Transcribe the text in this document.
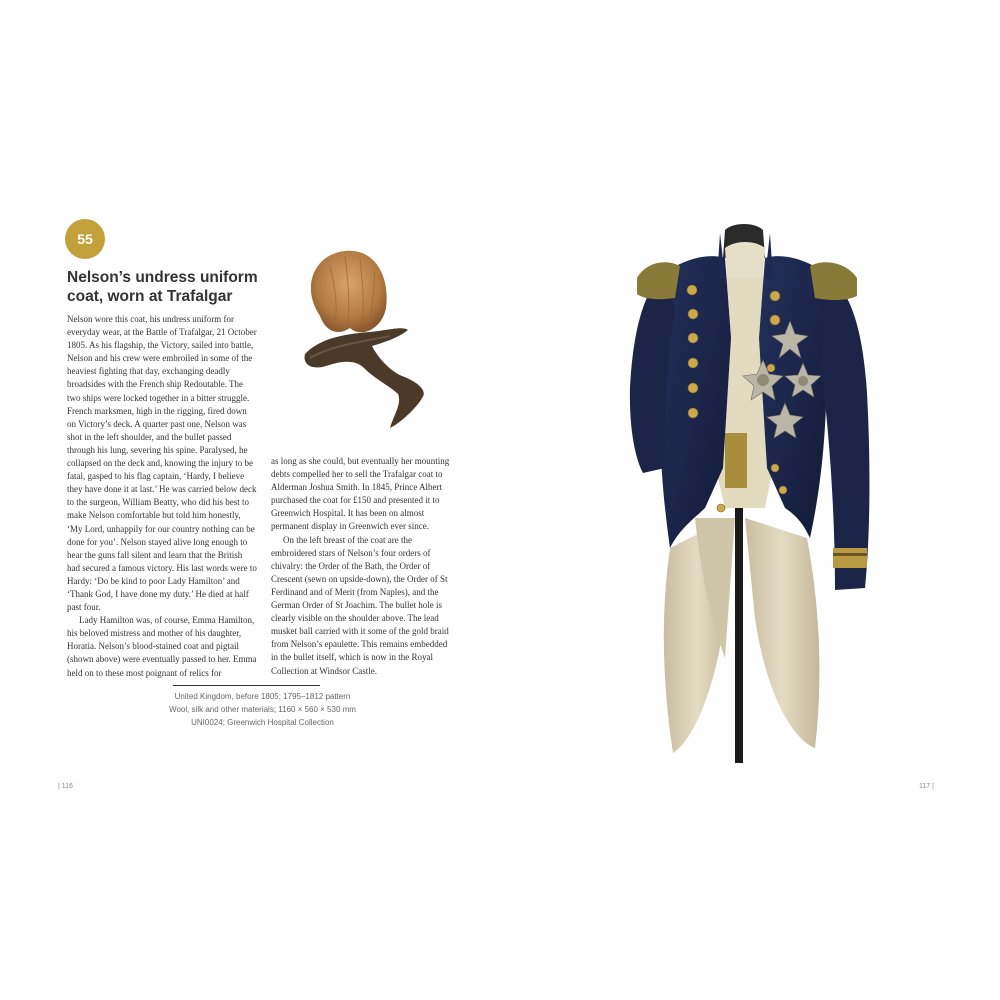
55
Nelson’s undress uniform coat, worn at Trafalgar

Nelson wore this coat, his undress uniform for everyday wear, at the Battle of Trafalgar, 21 October 1805. As his flagship, the Victory, sailed into battle, Nelson and his crew were embroiled in some of the heaviest fighting that day, exchanging deadly broadsides with the French ship Redoutable. The two ships were locked together in a bitter struggle. French marksmen, high in the rigging, fired down on Victory’s deck. A quarter past one, Nelson was shot in the left shoulder, and the bullet passed through his lung, severing his spine. Paralysed, he collapsed on the deck and, knowing the injury to be fatal, gasped to his flag captain, ‘Hardy, I believe they have done it at last.’ He was carried below deck to the surgeon, William Beatty, who did his best to make Nelson comfortable but told him honestly, ‘My Lord, unhappily for our country nothing can be done for you’. Nelson stayed alive long enough to hear the guns fall silent and learn that the British had secured a famous victory. His last words were to Hardy: ‘Do be kind to poor Lady Hamilton’ and ‘Thank God, I have done my duty.’ He died at half past four.

Lady Hamilton was, of course, Emma Hamilton, his beloved mistress and mother of his daughter, Horatia. Nelson’s blood-stained coat and pigtail (shown above) were eventually passed to her. Emma held on to these most poignant of relics for

as long as she could, but eventually her mounting debts compelled her to sell the Trafalgar coat to Alderman Joshua Smith. In 1845, Prince Albert purchased the coat for £150 and presented it to Greenwich Hospital. It has been on almost permanent display in Greenwich ever since.

On the left breast of the coat are the embroidered stars of Nelson’s four orders of chivalry: the Order of the Bath, the Order of Crescent (sewn on upside-down), the Order of St Ferdinand and of Merit (from Naples), and the German Order of St Joachim. The bullet hole is clearly visible on the shoulder above. The lead musket ball carried with it some of the gold braid from Nelson’s epaulette. This remains embedded in the bullet itself, which is now in the Royal Collection at Windsor Castle.

United Kingdom, before 1805; 1795–1812 pattern
Wool, silk and other materials; 1160 × 560 × 530 mm
UNI0024; Greenwich Hospital Collection
| 116	117 |
